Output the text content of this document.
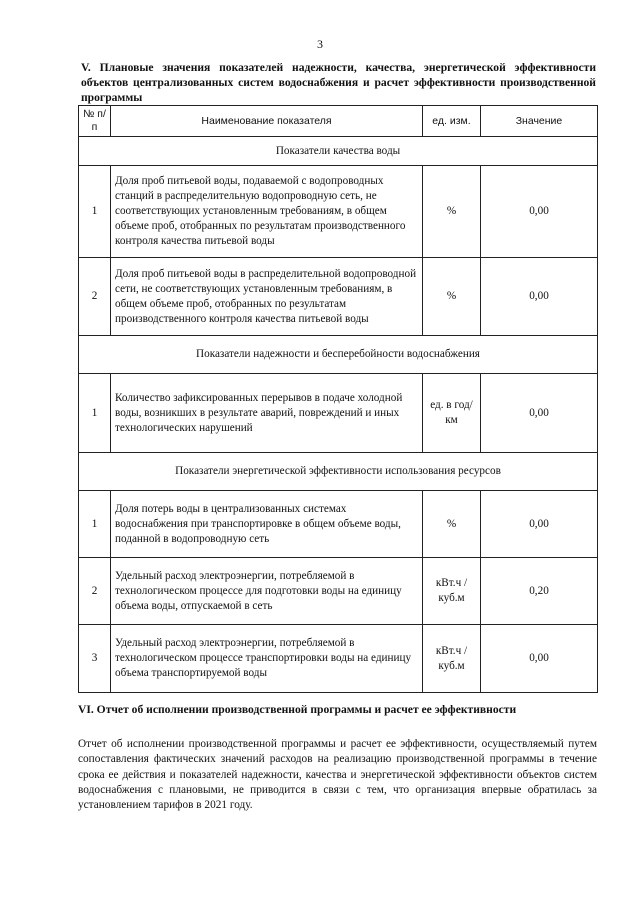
3
V. Плановые значения показателей надежности, качества, энергетической эффективности объектов централизованных систем водоснабжения и расчет эффективности производственной программы
№ п/п	Наименование показателя	ед. изм.	Значение
Показатели качества воды			
1	Доля проб питьевой воды, подаваемой с водопроводных станций в распределительную водопроводную сеть, не соответствующих установленным требованиям, в общем объеме проб, отобранных по результатам производственного контроля качества питьевой воды	%	0,00
2	Доля проб питьевой воды в распределительной водопроводной сети, не соответствующих установленным требованиям, в общем объеме проб, отобранных по результатам производственного контроля качества питьевой воды	%	0,00
Показатели надежности и бесперебойности водоснабжения			
1	Количество зафиксированных перерывов в подаче холодной воды, возникших в результате аварий, повреждений и иных технологических нарушений	ед. в год/ км	0,00
Показатели энергетической эффективности использования ресурсов			
1	Доля потерь воды в централизованных системах водоснабжения при транспортировке в общем объеме воды, поданной в водопроводную сеть	%	0,00
2	Удельный расход электроэнергии, потребляемой в технологическом процессе для подготовки воды на единицу объема воды, отпускаемой в сеть	кВт.ч / куб.м	0,20
3	Удельный расход электроэнергии, потребляемой в технологическом процессе транспортировки воды на единицу объема транспортируемой воды	кВт.ч / куб.м	0,00
VI. Отчет об исполнении производственной программы и расчет ее эффективности
Отчет об исполнении производственной программы и расчет ее эффективности, осуществляемый путем сопоставления фактических значений расходов на реализацию производственной программы в течение срока ее действия и показателей надежности, качества и энергетической эффективности объектов систем водоснабжения с плановыми, не приводится в связи с тем, что организация впервые обратилась за установлением тарифов в 2021 году.
